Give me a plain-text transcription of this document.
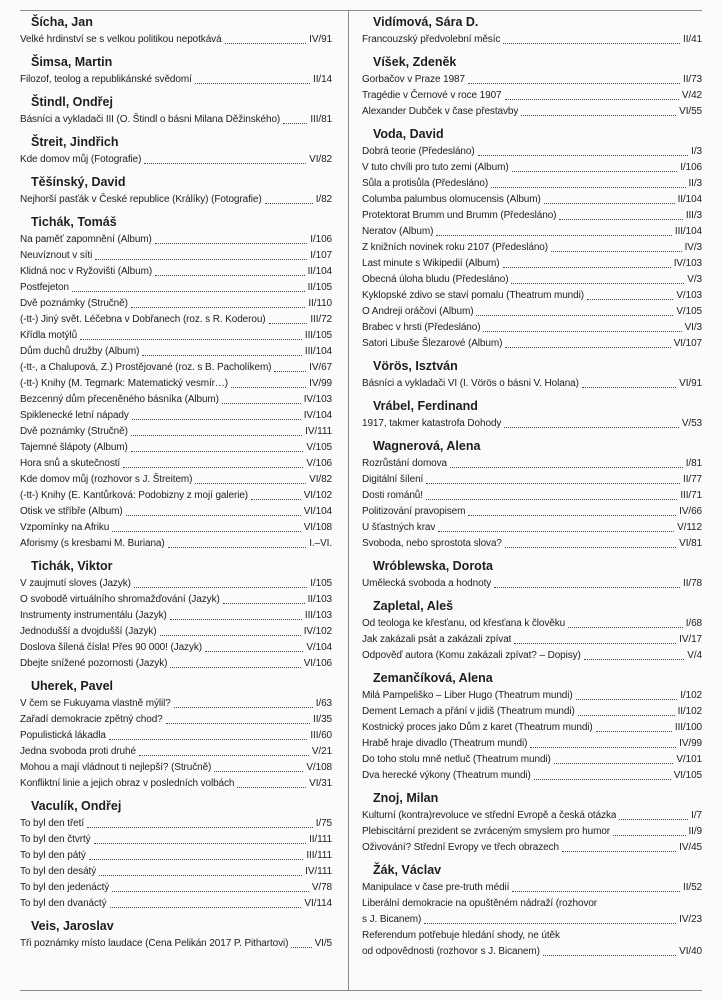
Šícha, Jan
Velké hrdinství se s velkou politikou nepotkává	IV/91
Šimsa, Martin
Filozof, teolog a republikánské svědomí	II/14
Štindl, Ondřej
Básníci a vykladači III (O. Štindl o básni Milana Děžinského)	III/81
Štreit, Jindřich
Kde domov můj (Fotografie)	VI/82
Těšínský, David
Nejhorší pasťák v České republice (Králíky) (Fotografie)	I/82
Tichák, Tomáš
Na paměť zapomnění (Album)	I/106
Neuvíznout v síti	I/107
Klidná noc v Ryžovišti (Album)	II/104
Postfejeton	II/105
Dvě poznámky (Stručně)	II/110
(-tt-) Jiný svět. Léčebna v Dobřanech (roz. s R. Koderou)	III/72
Křídla motýlů	III/105
Dům duchů družby (Album)	III/104
(-tt-, a Chalupová, Z.) Prostějované (roz. s B. Pacholíkem)	IV/67
(-tt-) Knihy (M. Tegmark: Matematický vesmír…)	IV/99
Bezcenný dům přeceněného básníka (Album)	IV/103
Spiklenecké letní nápady	IV/104
Dvě poznámky (Stručně)	IV/111
Tajemné šlápoty (Album)	V/105
Hora snů a skutečností	V/106
Kde domov můj (rozhovor s J. Štreitem)	VI/82
(-tt-) Knihy (E. Kantůrková: Podobizny z mojí galerie)	VI/102
Otisk ve stříbře (Album)	VI/104
Vzpomínky na Afriku	VI/108
Aforismy (s kresbami M. Buriana)	I.–VI.
Tichák, Viktor
V zaujmutí sloves (Jazyk)	I/105
O svobodě virtuálního shromažďování (Jazyk)	II/103
Instrumenty instrumentálu (Jazyk)	III/103
Jednodušší a dvojdušší (Jazyk)	IV/102
Doslova šílená čísla! Přes 90 000! (Jazyk)	V/104
Dbejte snížené pozornosti (Jazyk)	VI/106
Uherek, Pavel
V čem se Fukuyama vlastně mýlil?	I/63
Zařadí demokracie zpětný chod?	II/35
Populistická lákadla	III/60
Jedna svoboda proti druhé	V/21
Mohou a mají vládnout ti nejlepší? (Stručně)	V/108
Konfliktní linie a jejich obraz v posledních volbách	VI/31
Vaculík, Ondřej
To byl den třetí	I/75
To byl den čtvrtý	II/111
To byl den pátý	III/111
To byl den desátý	IV/111
To byl den jedenáctý	V/78
To byl den dvanáctý	VI/114
Veis, Jaroslav
Tři poznámky místo laudace (Cena Pelikán 2017 P. Pithartovi)	VI/5
Vidímová, Sára D.
Francouzský předvolební měsíc	II/41
Víšek, Zdeněk
Gorbačov v Praze 1987	II/73
Tragédie v Černové v roce 1907	V/42
Alexander Dubček v čase přestavby	VI/55
Voda, David
Dobrá teorie (Předesláno)	I/3
V tuto chvíli pro tuto zemi (Album)	I/106
Sůla a protisůla (Předesláno)	II/3
Columba palumbus olomucensis (Album)	II/104
Protektorat Brumm und Brumm (Předesláno)	III/3
Neratov (Album)	III/104
Z knižních novinek roku 2107 (Předesláno)	IV/3
Last minute s Wikipedií (Album)	IV/103
Obecná úloha bludu (Předesláno)	V/3
Kyklopské zdivo se staví pomalu (Theatrum mundi)	V/103
O Andreji oráčovi (Album)	V/105
Brabec v hrsti (Předesláno)	VI/3
Satori Libuše Šlezarové (Album)	VI/107
Vörös, Isztván
Básníci a vykladači VI (I. Vörös o básni V. Holana)	VI/91
Vrábel, Ferdinand
1917, takmer katastrofa Dohody	V/53
Wagnerová, Alena
Rozrůstání domova	I/81
Digitální šílení	II/77
Dosti románů!	III/71
Politizování pravopisem	IV/66
U šťastných krav	V/112
Svoboda, nebo sprostota slova?	VI/81
Wróblewska, Dorota
Umělecká svoboda a hodnoty	II/78
Zapletal, Aleš
Od teologa ke křesťanu, od křesťana k člověku	I/68
Jak zakázali psát a zakázali zpívat	IV/17
Odpověď autora (Komu zakázali zpívat? – Dopisy)	V/4
Zemančíková, Alena
Milá Pampeliško – Liber Hugo (Theatrum mundi)	I/102
Dement Lemach a přání v jidiš (Theatrum mundi)	II/102
Kostnický proces jako Dům z karet (Theatrum mundi)	III/100
Hrabě hraje divadlo (Theatrum mundi)	IV/99
Do toho stolu mně netluč (Theatrum mundi)	V/101
Dva herecké výkony (Theatrum mundi)	VI/105
Znoj, Milan
Kulturní (kontra)revoluce ve střední Evropě a česká otázka	I/7
Plebiscitární prezident se zvráceným smyslem pro humor	II/9
Oživování? Střední Evropy ve třech obrazech	IV/45
Žák, Václav
Manipulace v čase pre-truth médií	II/52
Liberální demokracie na opuštěném nádraží (rozhovor
s J. Bicanem)	IV/23
Referendum potřebuje hledání shody, ne útěk
od odpovědnosti (rozhovor s J. Bicanem)	VI/40
